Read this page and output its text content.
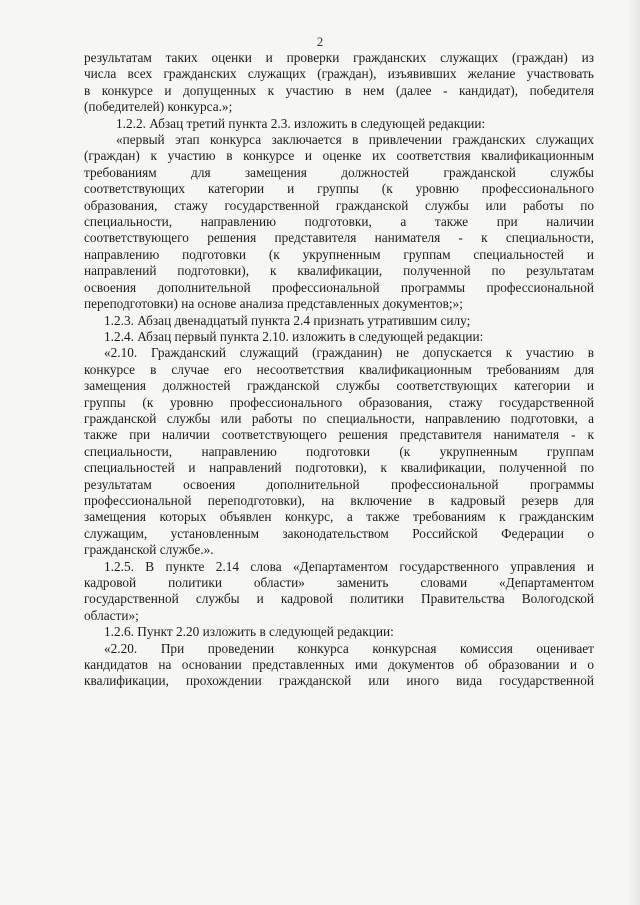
2
результатам таких оценки и проверки гражданских служащих (граждан) из
числа всех гражданских служащих (граждан), изъявивших желание участвовать
в конкурсе и допущенных к участию в нем (далее - кандидат), победителя
(победителей) конкурса.»;
1.2.2. Абзац третий пункта 2.3. изложить в следующей редакции:
«первый этап конкурса заключается в привлечении гражданских служащих
(граждан) к участию в конкурсе и оценке их соответствия квалификационным
требованиям для замещения должностей гражданской службы
соответствующих категории и группы (к уровню профессионального
образования, стажу государственной гражданской службы или работы по
специальности, направлению подготовки, а также при наличии
соответствующего решения представителя нанимателя - к специальности,
направлению подготовки (к укрупненным группам специальностей и
направлений подготовки), к квалификации, полученной по результатам
освоения дополнительной профессиональной программы профессиональной
переподготовки) на основе анализа представленных документов;»;
1.2.3. Абзац двенадцатый пункта 2.4 признать утратившим силу;
1.2.4. Абзац первый пункта 2.10. изложить в следующей редакции:
«2.10. Гражданский служащий (гражданин) не допускается к участию в
конкурсе в случае его несоответствия квалификационным требованиям для
замещения должностей гражданской службы соответствующих категории и
группы (к уровню профессионального образования, стажу государственной
гражданской службы или работы по специальности, направлению подготовки, а
также при наличии соответствующего решения представителя нанимателя - к
специальности, направлению подготовки (к укрупненным группам
специальностей и направлений подготовки), к квалификации, полученной по
результатам освоения дополнительной профессиональной программы
профессиональной переподготовки), на включение в кадровый резерв для
замещения которых объявлен конкурс, а также требованиям к гражданским
служащим, установленным законодательством Российской Федерации о
гражданской службе.».
1.2.5. В пункте 2.14 слова «Департаментом государственного управления и
кадровой политики области» заменить словами «Департаментом
государственной службы и кадровой политики Правительства Вологодской
области»;
1.2.6. Пункт 2.20 изложить в следующей редакции:
«2.20. При проведении конкурса конкурсная комиссия оценивает
кандидатов на основании представленных ими документов об образовании и о
квалификации, прохождении гражданской или иного вида государственной
